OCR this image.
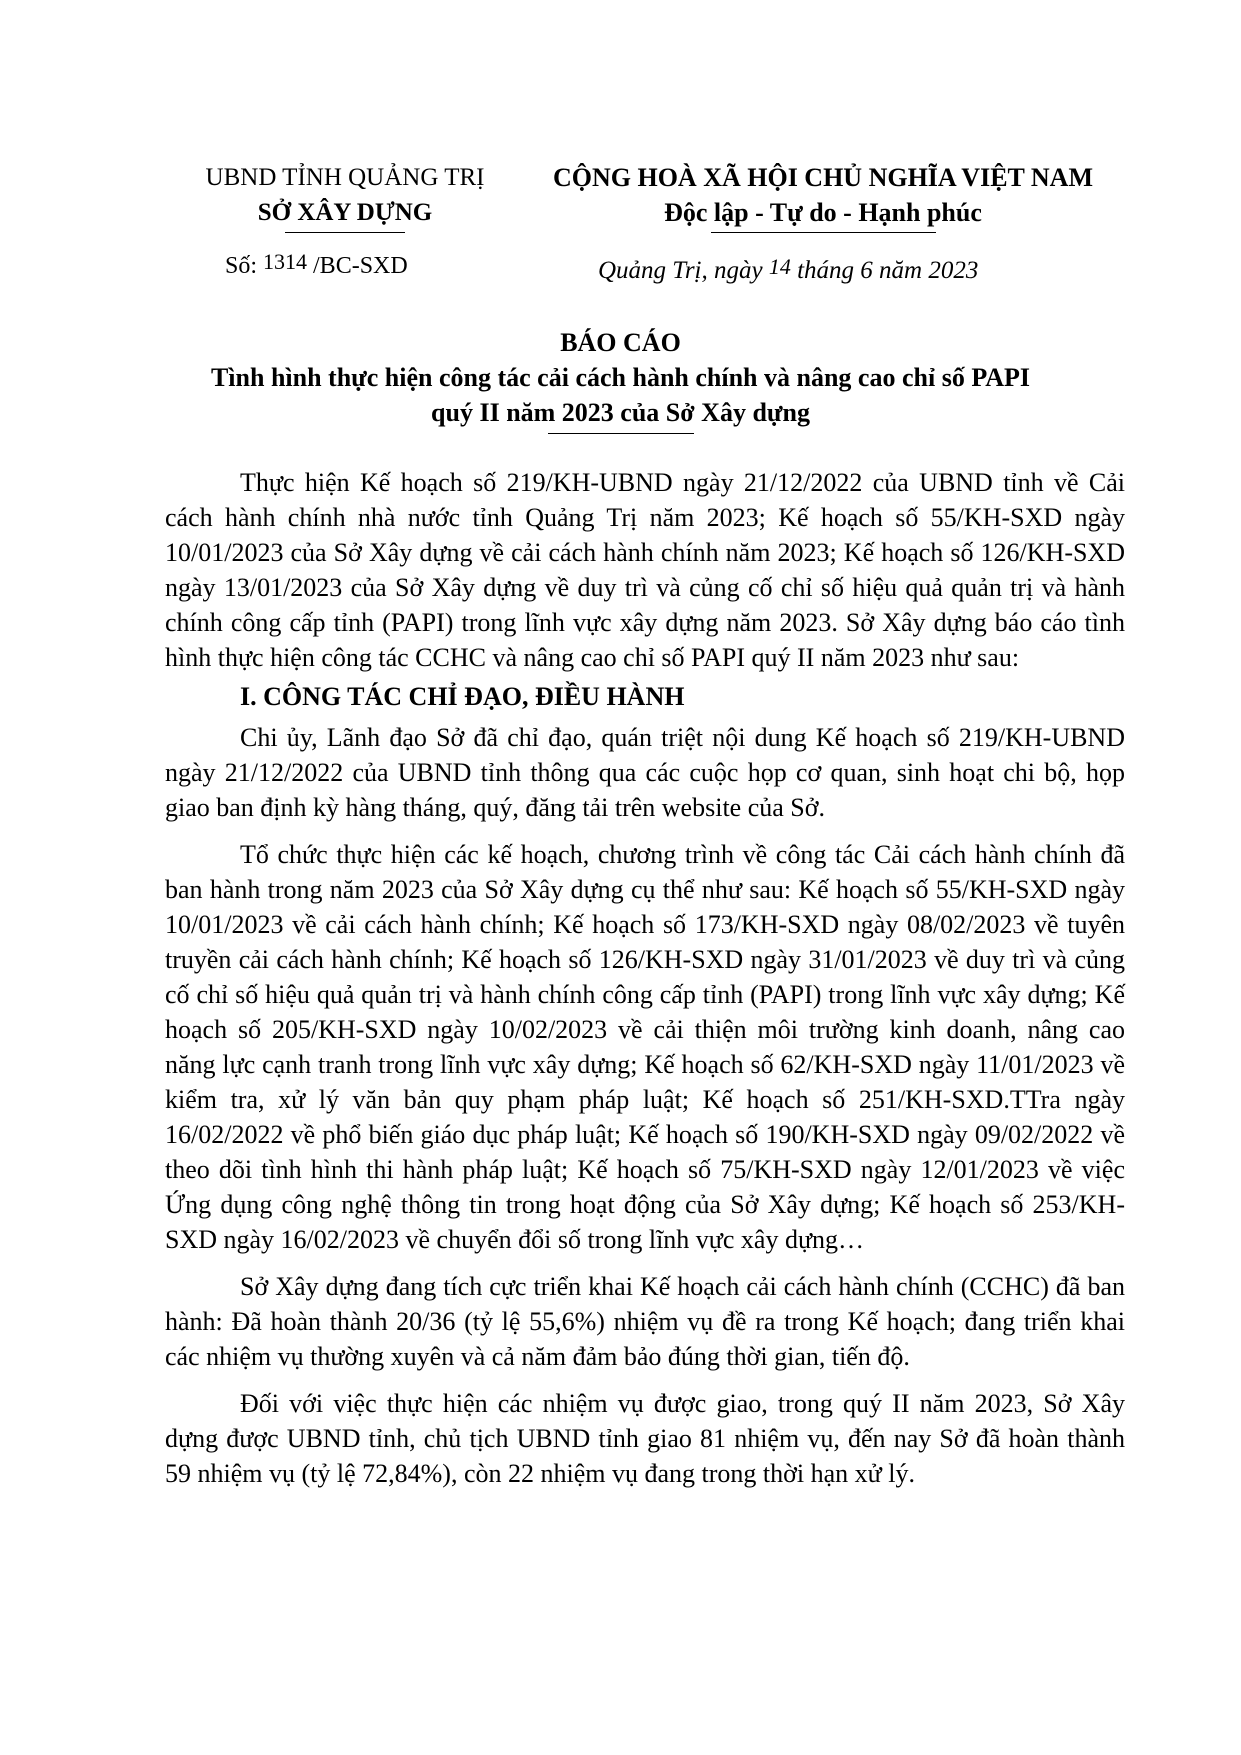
UBND TỈNH QUẢNG TRỊ
SỞ XÂY DỰNG
Số: 1314 /BC-SXD
CỘNG HOÀ XÃ HỘI CHỦ NGHĨA VIỆT NAM
Độc lập - Tự do - Hạnh phúc
Quảng Trị, ngày 14 tháng 6 năm 2023
BÁO CÁO
Tình hình thực hiện công tác cải cách hành chính và nâng cao chỉ số PAPI
quý II năm 2023 của Sở Xây dựng

Thực hiện Kế hoạch số 219/KH-UBND ngày 21/12/2022 của UBND tỉnh về Cải cách hành chính nhà nước tỉnh Quảng Trị năm 2023; Kế hoạch số 55/KH-SXD ngày 10/01/2023 của Sở Xây dựng về cải cách hành chính năm 2023; Kế hoạch số 126/KH-SXD ngày 13/01/2023 của Sở Xây dựng về duy trì và củng cố chỉ số hiệu quả quản trị và hành chính công cấp tỉnh (PAPI) trong lĩnh vực xây dựng năm 2023. Sở Xây dựng báo cáo tình hình thực hiện công tác CCHC và nâng cao chỉ số PAPI quý II năm 2023 như sau:

I. CÔNG TÁC CHỈ ĐẠO, ĐIỀU HÀNH

Chi ủy, Lãnh đạo Sở đã chỉ đạo, quán triệt nội dung Kế hoạch số 219/KH-UBND ngày 21/12/2022 của UBND tỉnh thông qua các cuộc họp cơ quan, sinh hoạt chi bộ, họp giao ban định kỳ hàng tháng, quý, đăng tải trên website của Sở.

Tổ chức thực hiện các kế hoạch, chương trình về công tác Cải cách hành chính đã ban hành trong năm 2023 của Sở Xây dựng cụ thể như sau: Kế hoạch số 55/KH-SXD ngày 10/01/2023 về cải cách hành chính; Kế hoạch số 173/KH-SXD ngày 08/02/2023 về tuyên truyền cải cách hành chính; Kế hoạch số 126/KH-SXD ngày 31/01/2023 về duy trì và củng cố chỉ số hiệu quả quản trị và hành chính công cấp tỉnh (PAPI) trong lĩnh vực xây dựng; Kế hoạch số 205/KH-SXD ngày 10/02/2023 về cải thiện môi trường kinh doanh, nâng cao năng lực cạnh tranh trong lĩnh vực xây dựng; Kế hoạch số 62/KH-SXD ngày 11/01/2023 về kiểm tra, xử lý văn bản quy phạm pháp luật; Kế hoạch số 251/KH-SXD.TTra ngày 16/02/2022 về phổ biến giáo dục pháp luật; Kế hoạch số 190/KH-SXD ngày 09/02/2022 về theo dõi tình hình thi hành pháp luật; Kế hoạch số 75/KH-SXD ngày 12/01/2023 về việc Ứng dụng công nghệ thông tin trong hoạt động của Sở Xây dựng; Kế hoạch số 253/KH-SXD ngày 16/02/2023 về chuyển đổi số trong lĩnh vực xây dựng…

Sở Xây dựng đang tích cực triển khai Kế hoạch cải cách hành chính (CCHC) đã ban hành: Đã hoàn thành 20/36 (tỷ lệ 55,6%) nhiệm vụ đề ra trong Kế hoạch; đang triển khai các nhiệm vụ thường xuyên và cả năm đảm bảo đúng thời gian, tiến độ.

Đối với việc thực hiện các nhiệm vụ được giao, trong quý II năm 2023, Sở Xây dựng được UBND tỉnh, chủ tịch UBND tỉnh giao 81 nhiệm vụ, đến nay Sở đã hoàn thành 59 nhiệm vụ (tỷ lệ 72,84%), còn 22 nhiệm vụ đang trong thời hạn xử lý.
